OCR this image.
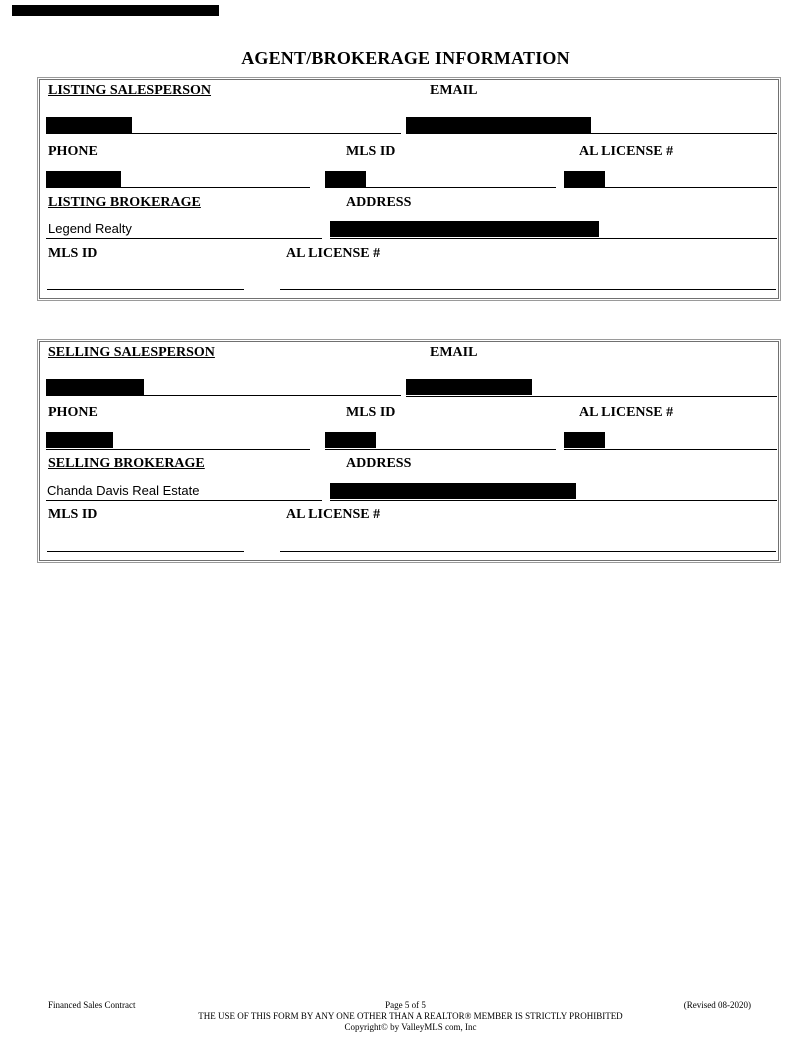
AGENT/BROKERAGE INFORMATION
LISTING SALESPERSON	EMAIL
PHONE	MLS ID	AL LICENSE #
LISTING BROKERAGE	ADDRESS
Legend Realty
MLS ID	AL LICENSE #
SELLING SALESPERSON	EMAIL
PHONE	MLS ID	AL LICENSE #
SELLING BROKERAGE	ADDRESS
Chanda Davis Real Estate
MLS ID	AL LICENSE #
Financed Sales Contract	Page 5 of 5	(Revised 08-2020)
THE USE OF THIS FORM BY ANY ONE OTHER THAN A REALTOR® MEMBER IS STRICTLY PROHIBITED
Copyright© by ValleyMLS com, Inc
